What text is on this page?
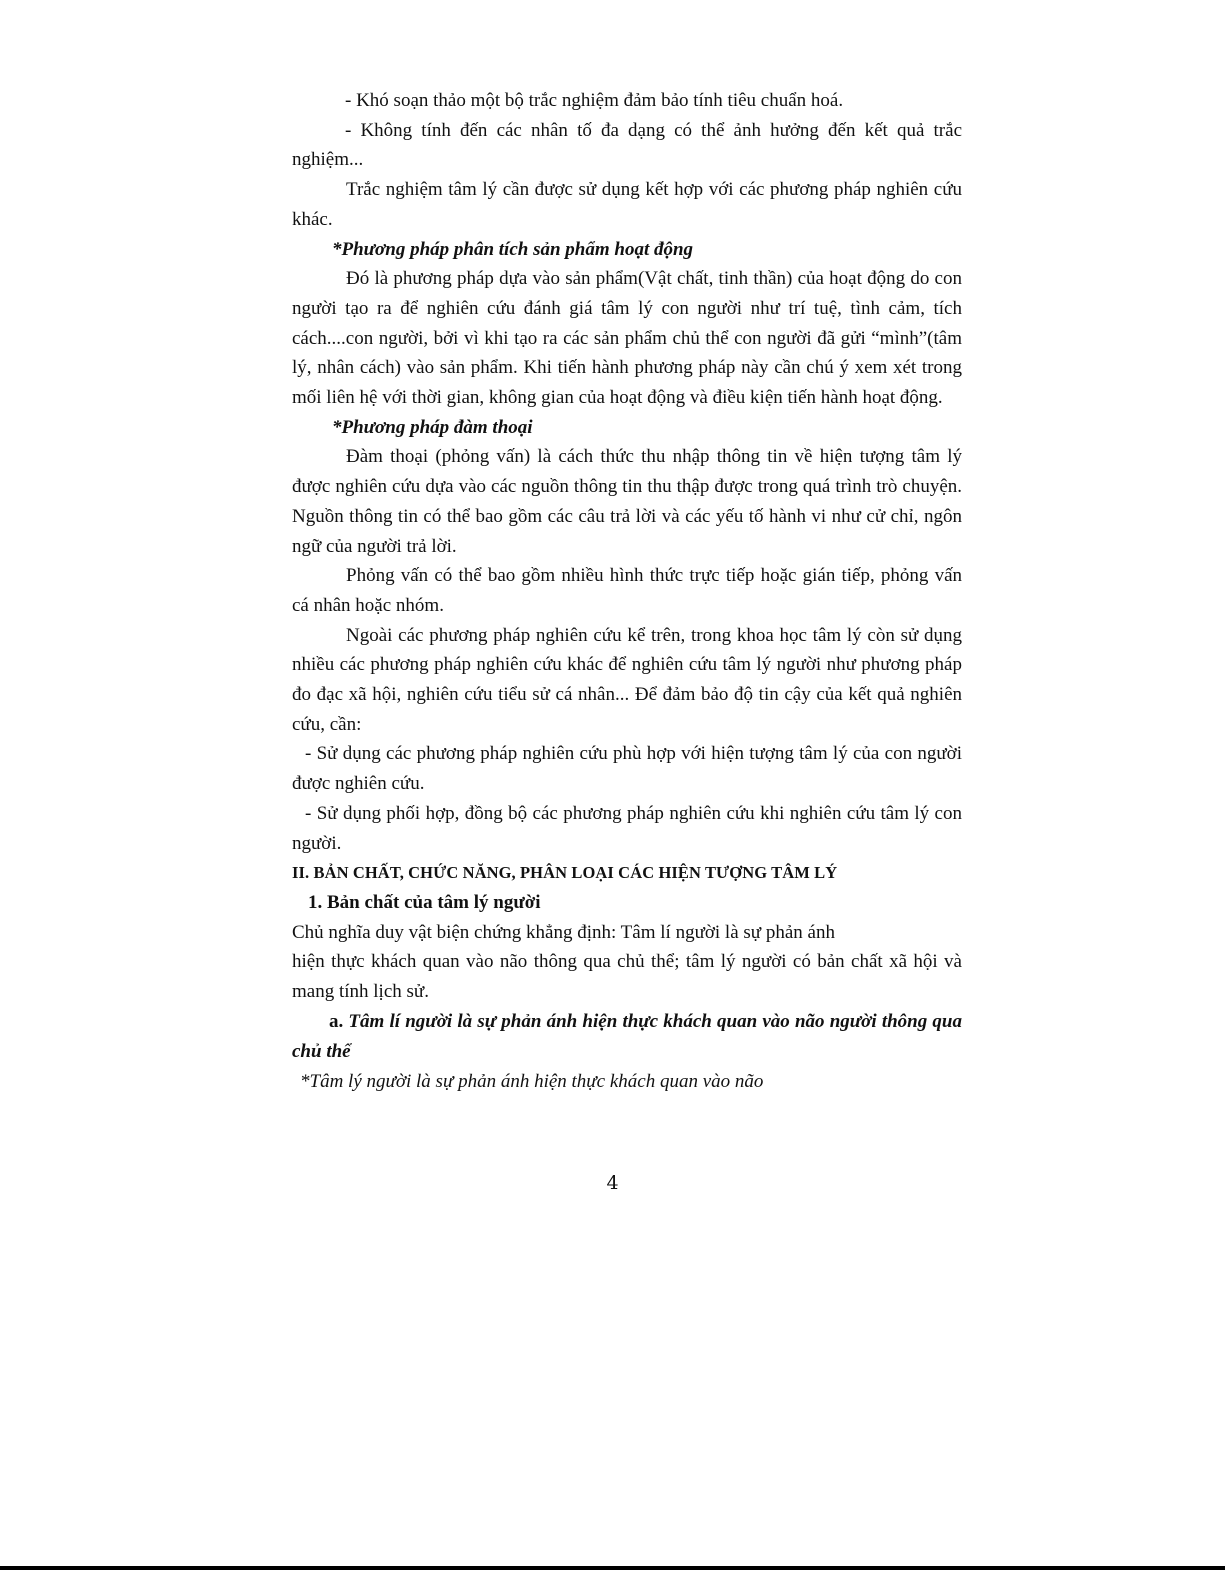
- Khó soạn thảo một bộ trắc nghiệm đảm bảo tính tiêu chuẩn hoá.

- Không tính đến các nhân tố đa dạng có thể ảnh hưởng đến kết quả trắc nghiệm...

Trắc nghiệm tâm lý cần được sử dụng kết hợp với các phương pháp nghiên cứu khác.

*Phương pháp phân tích sản phẩm hoạt động

Đó là phương pháp dựa vào sản phẩm(Vật chất, tinh thần) của hoạt động do con người tạo ra để nghiên cứu đánh giá tâm lý con người như trí tuệ, tình cảm, tích cách....con người, bởi vì khi tạo ra các sản phẩm chủ thể con người đã gửi “mình”(tâm lý, nhân cách) vào sản phẩm. Khi tiến hành phương pháp này cần chú ý xem xét trong mối liên hệ với thời gian, không gian của hoạt động và điều kiện tiến hành hoạt động.

*Phương pháp đàm thoại

Đàm thoại (phỏng vấn) là cách thức thu nhập thông tin về hiện tượng tâm lý được nghiên cứu dựa vào các nguồn thông tin thu thập được trong quá trình trò chuyện. Nguồn thông tin có thể bao gồm các câu trả lời và các yếu tố hành vi như cử chỉ, ngôn ngữ của người trả lời.

Phỏng vấn có thể bao gồm nhiều hình thức trực tiếp hoặc gián tiếp, phỏng vấn cá nhân hoặc nhóm.

Ngoài các phương pháp nghiên cứu kể trên, trong khoa học tâm lý còn sử dụng nhiều các phương pháp nghiên cứu khác để nghiên cứu tâm lý người như phương pháp đo đạc xã hội, nghiên cứu tiểu sử cá nhân... Để đảm bảo độ tin cậy của kết quả nghiên cứu, cần:

- Sử dụng các phương pháp nghiên cứu phù hợp với hiện tượng tâm lý của con người được nghiên cứu.

- Sử dụng phối hợp, đồng bộ các phương pháp nghiên cứu khi nghiên cứu tâm lý con người.

II. BẢN CHẤT, CHỨC NĂNG, PHÂN LOẠI CÁC HIỆN TƯỢNG TÂM LÝ

1. Bản chất của tâm lý người

Chủ nghĩa duy vật biện chứng khẳng định: Tâm lí người là sự phản ánh

hiện thực khách quan vào não thông qua chủ thể; tâm lý người có bản chất xã hội và mang tính lịch sử.

a. Tâm lí người là sự phản ánh hiện thực khách quan vào não người thông qua chủ thể

*Tâm lý người là sự phản ánh hiện thực khách quan vào não

4
